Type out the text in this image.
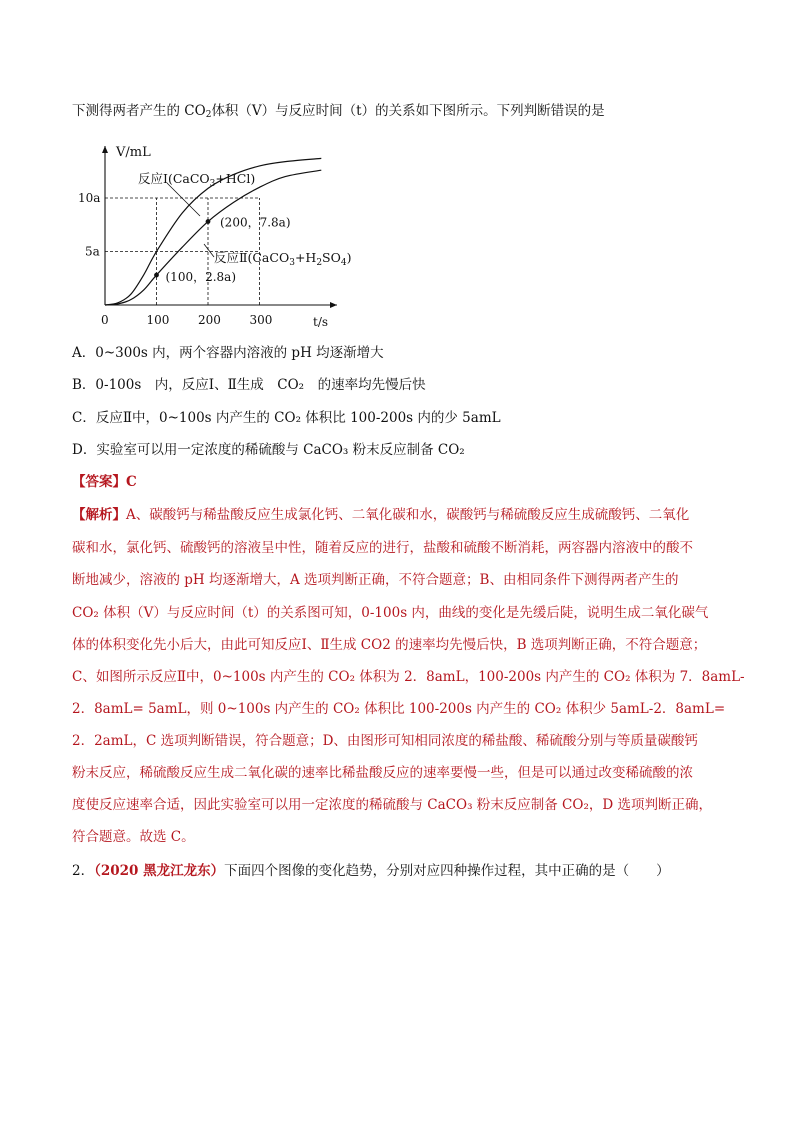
下测得两者产生的 $CO_2$体积（V）与反应时间（t）的关系如下图所示。下列判断错误的是
V/mL
t/s
0	100 200 300
5a
10a
(100，2.8a)
(200，7.8a)
反应Ⅰ(CaCO$_3$+HCl)
反应$Ⅱ(CaCO_3+H_2SO_4)$
A．0~300s 内，两个容器内溶液的 pH 均逐渐增大
B．0-100s　内，反应Ⅰ、Ⅱ生成　CO₂　的速率均先慢后快
C．反应Ⅱ中，0~100s 内产生的 CO₂ 体积比 100-200s 内的少 5amL
D．实验室可以用一定浓度的稀硫酸与 CaCO₃ 粉末反应制备 CO₂
【答案】C
【解析】A、碳酸钙与稀盐酸反应生成氯化钙、二氧化碳和水，碳酸钙与稀硫酸反应生成硫酸钙、二氧化
碳和水，氯化钙、硫酸钙的溶液呈中性，随着反应的进行，盐酸和硫酸不断消耗，两容器内溶液中的酸不
断地减少，溶液的 pH 均逐渐增大，A 选项判断正确，不符合题意；B、由相同条件下测得两者产生的
CO₂ 体积（V）与反应时间（t）的关系图可知，0-100s 内，曲线的变化是先缓后陡，说明生成二氧化碳气
体的体积变化先小后大，由此可知反应Ⅰ、Ⅱ生成 CO2 的速率均先慢后快，B 选项判断正确，不符合题意；
C、如图所示反应Ⅱ中，0~100s 内产生的 CO₂ 体积为 2．8amL，100-200s 内产生的 CO₂ 体积为 7．8amL-
2．8amL= 5amL，则 0~100s 内产生的 CO₂ 体积比 100-200s 内产生的 CO₂ 体积少 5amL-2．8amL=
2．2amL，C 选项判断错误，符合题意；D、由图形可知相同浓度的稀盐酸、稀硫酸分别与等质量碳酸钙
粉末反应，稀硫酸反应生成二氧化碳的速率比稀盐酸反应的速率要慢一些，但是可以通过改变稀硫酸的浓
度使反应速率合适，因此实验室可以用一定浓度的稀硫酸与 CaCO₃ 粉末反应制备 CO₂，D 选项判断正确，
符合题意。故选 C。
2．（2020 黑龙江龙东）下面四个图像的变化趋势，分别对应四种操作过程，其中正确的是（　　）
